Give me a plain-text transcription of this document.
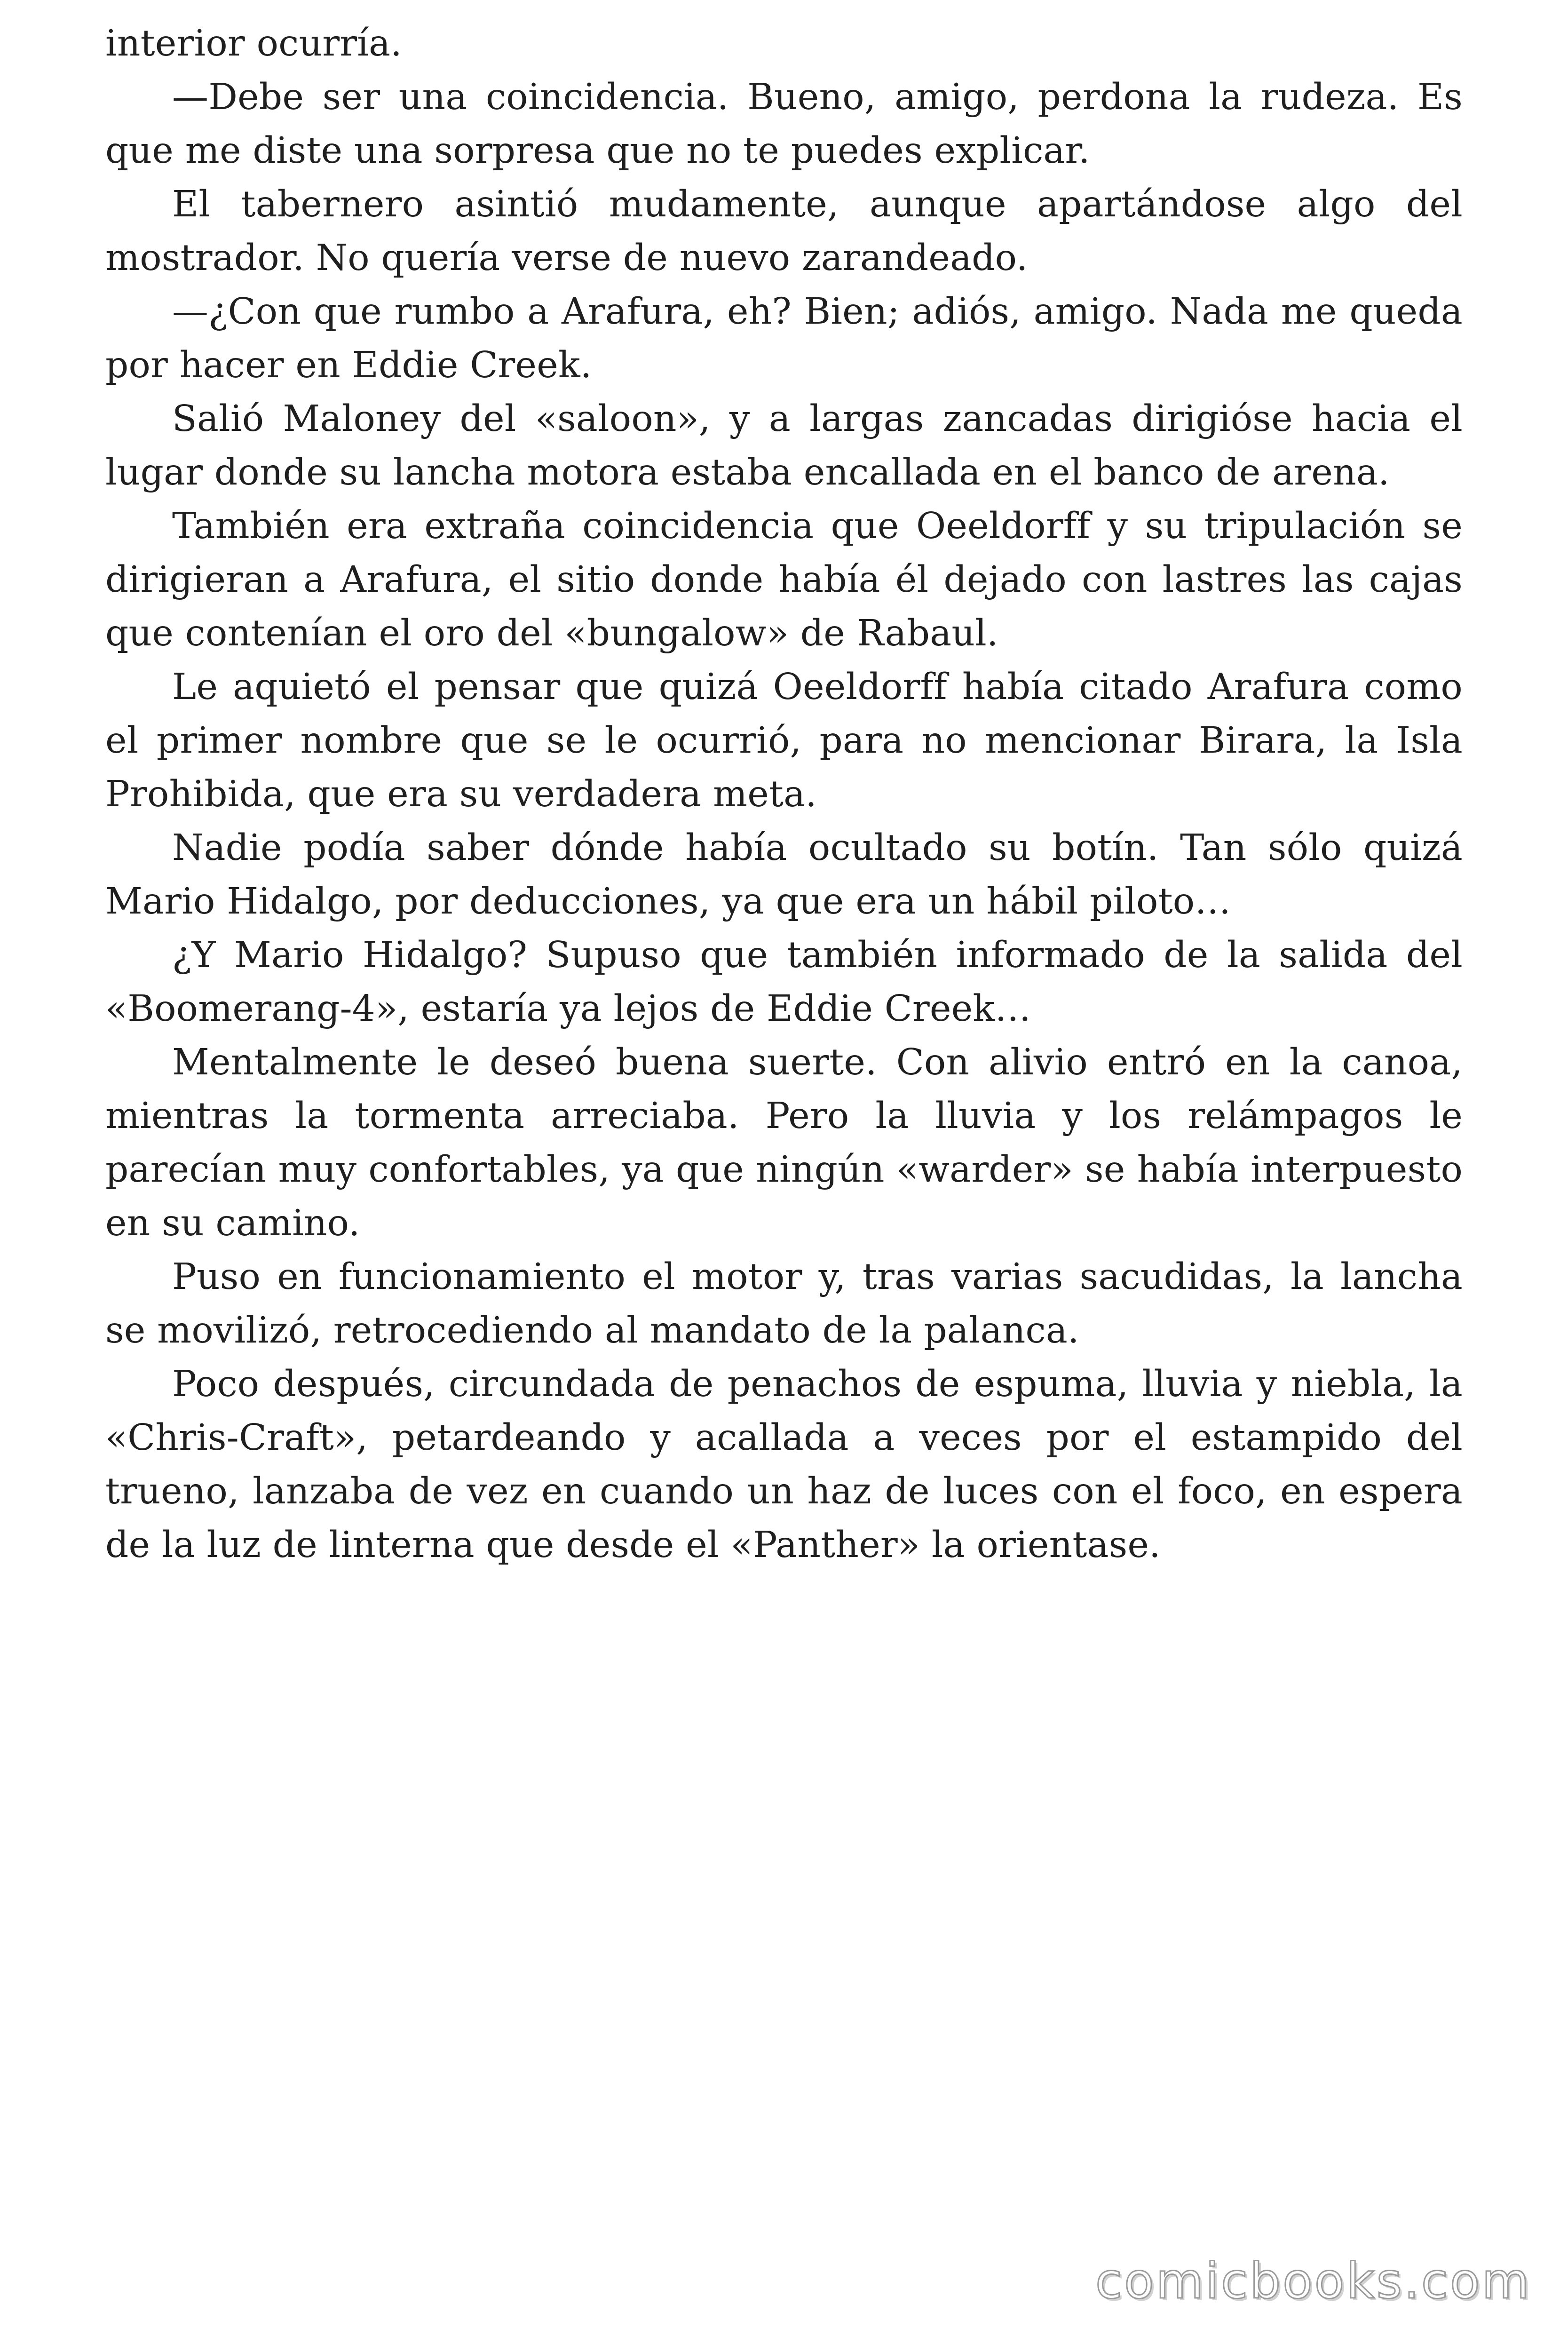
interior ocurría.

—Debe ser una coincidencia. Bueno, amigo, perdona la rudeza. Es que me diste una sorpresa que no te puedes explicar.

El tabernero asintió mudamente, aunque apartándose algo del mostrador. No quería verse de nuevo zarandeado.

—¿Con que rumbo a Arafura, eh? Bien; adiós, amigo. Nada me queda por hacer en Eddie Creek.

Salió Maloney del «saloon», y a largas zancadas dirigióse hacia el lugar donde su lancha motora estaba encallada en el banco de arena.

También era extraña coincidencia que Oeeldorff y su tripulación se dirigieran a Arafura, el sitio donde había él dejado con lastres las cajas que contenían el oro del «bungalow» de Rabaul.

Le aquietó el pensar que quizá Oeeldorff había citado Arafura como el primer nombre que se le ocurrió, para no mencionar Birara, la Isla Prohibida, que era su verdadera meta.

Nadie podía saber dónde había ocultado su botín. Tan sólo quizá Mario Hidalgo, por deducciones, ya que era un hábil piloto…

¿Y Mario Hidalgo? Supuso que también informado de la salida del «Boomerang-4», estaría ya lejos de Eddie Creek…

Mentalmente le deseó buena suerte. Con alivio entró en la canoa, mientras la tormenta arreciaba. Pero la lluvia y los relámpagos le parecían muy confortables, ya que ningún «warder» se había interpuesto en su camino.

Puso en funcionamiento el motor y, tras varias sacudidas, la lancha se movilizó, retrocediendo al mandato de la palanca.

Poco después, circundada de penachos de espuma, lluvia y niebla, la «Chris-Craft», petardeando y acallada a veces por el estampido del trueno, lanzaba de vez en cuando un haz de luces con el foco, en espera de la luz de linterna que desde el «Panther» la orientase.

comicbooks.com
